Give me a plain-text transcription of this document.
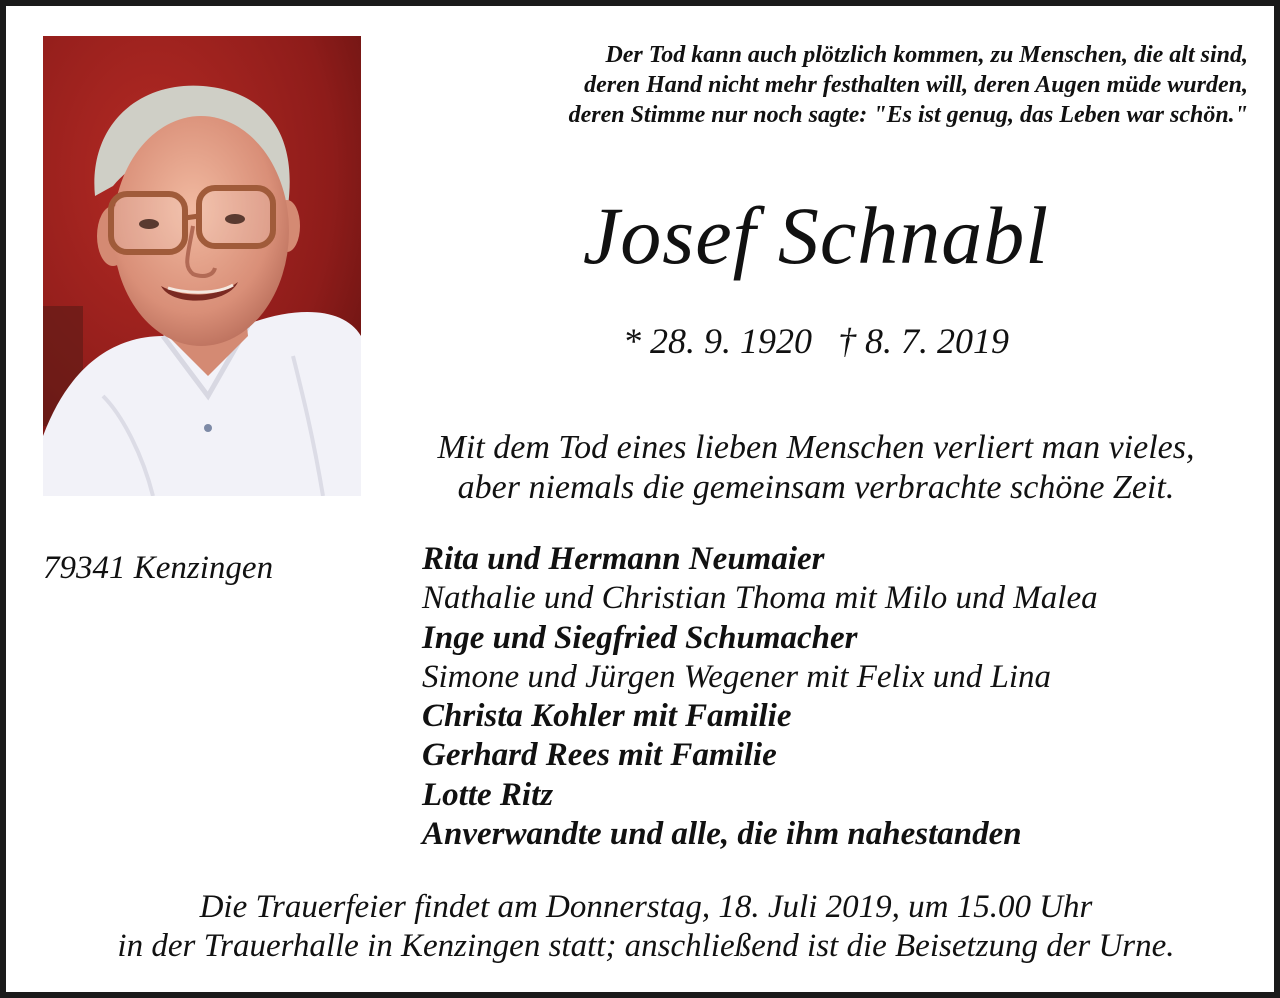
Der Tod kann auch plötzlich kommen, zu Menschen, die alt sind,
deren Hand nicht mehr festhalten will, deren Augen müde wurden,
deren Stimme nur noch sagte: "Es ist genug, das Leben war schön."
Josef Schnabl
* 28. 9. 1920 † 8. 7. 2019
Mit dem Tod eines lieben Menschen verliert man vieles,
aber niemals die gemeinsam verbrachte schöne Zeit.
79341 Kenzingen	Rita und Hermann Neumaier
Nathalie und Christian Thoma mit Milo und Malea
Inge und Siegfried Schumacher
Simone und Jürgen Wegener mit Felix und Lina
Christa Kohler mit Familie
Gerhard Rees mit Familie
Lotte Ritz
Anverwandte und alle, die ihm nahestanden
Die Trauerfeier findet am Donnerstag, 18. Juli 2019, um 15.00 Uhr
in der Trauerhalle in Kenzingen statt; anschließend ist die Beisetzung der Urne.
